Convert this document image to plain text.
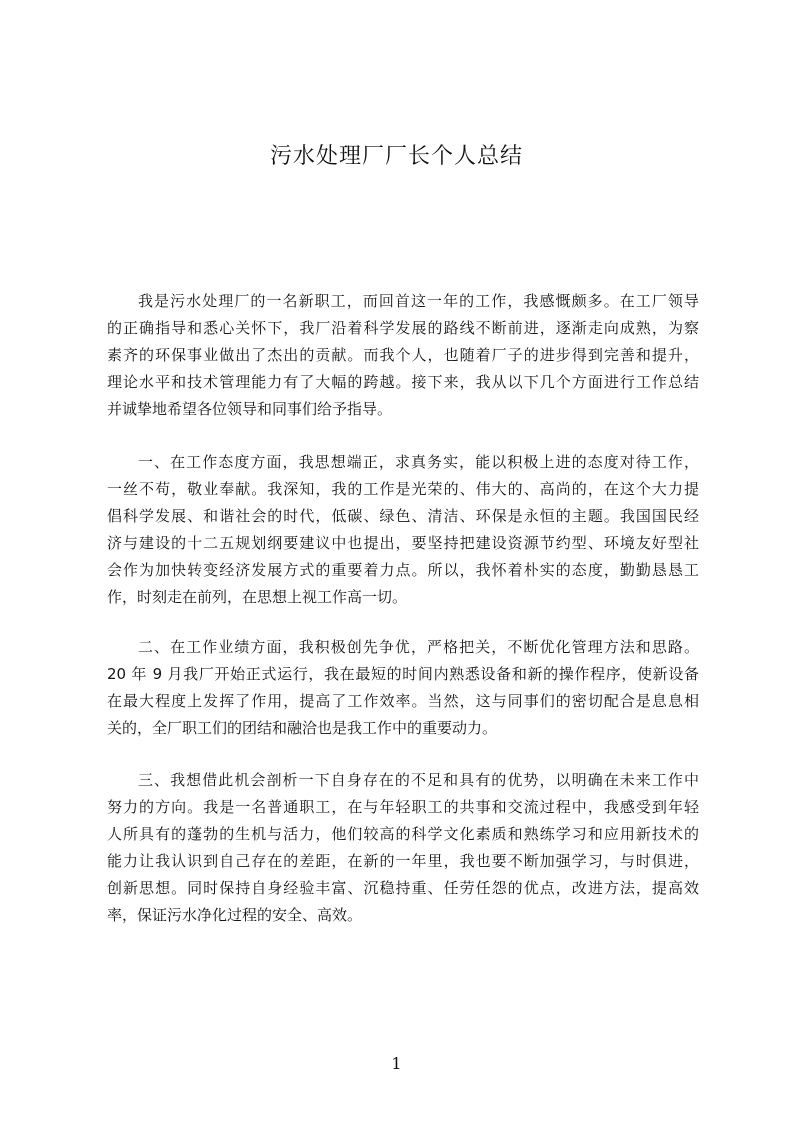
污水处理厂厂长个人总结
我是污水处理厂的一名新职工，而回首这一年的工作，我感慨颇多。在工厂领导
的正确指导和悉心关怀下，我厂沿着科学发展的路线不断前进，逐渐走向成熟，为察
素齐的环保事业做出了杰出的贡献。而我个人，也随着厂子的进步得到完善和提升，
理论水平和技术管理能力有了大幅的跨越。接下来，我从以下几个方面进行工作总结
并诚挚地希望各位领导和同事们给予指导。
一、在工作态度方面，我思想端正，求真务实，能以积极上进的态度对待工作，
一丝不苟，敬业奉献。我深知，我的工作是光荣的、伟大的、高尚的，在这个大力提
倡科学发展、和谐社会的时代，低碳、绿色、清洁、环保是永恒的主题。我国国民经
济与建设的十二五规划纲要建议中也提出，要坚持把建设资源节约型、环境友好型社
会作为加快转变经济发展方式的重要着力点。所以，我怀着朴实的态度，勤勤恳恳工
作，时刻走在前列，在思想上视工作高一切。
二、在工作业绩方面，我积极创先争优，严格把关，不断优化管理方法和思路。
20 年 9 月我厂开始正式运行，我在最短的时间内熟悉设备和新的操作程序，使新设备
在最大程度上发挥了作用，提高了工作效率。当然，这与同事们的密切配合是息息相
关的，全厂职工们的团结和融洽也是我工作中的重要动力。
三、我想借此机会剖析一下自身存在的不足和具有的优势，以明确在未来工作中
努力的方向。我是一名普通职工，在与年轻职工的共事和交流过程中，我感受到年轻
人所具有的蓬勃的生机与活力，他们较高的科学文化素质和熟练学习和应用新技术的
能力让我认识到自己存在的差距，在新的一年里，我也要不断加强学习，与时俱进，
创新思想。同时保持自身经验丰富、沉稳持重、任劳任怨的优点，改进方法，提高效
率，保证污水净化过程的安全、高效。
1
